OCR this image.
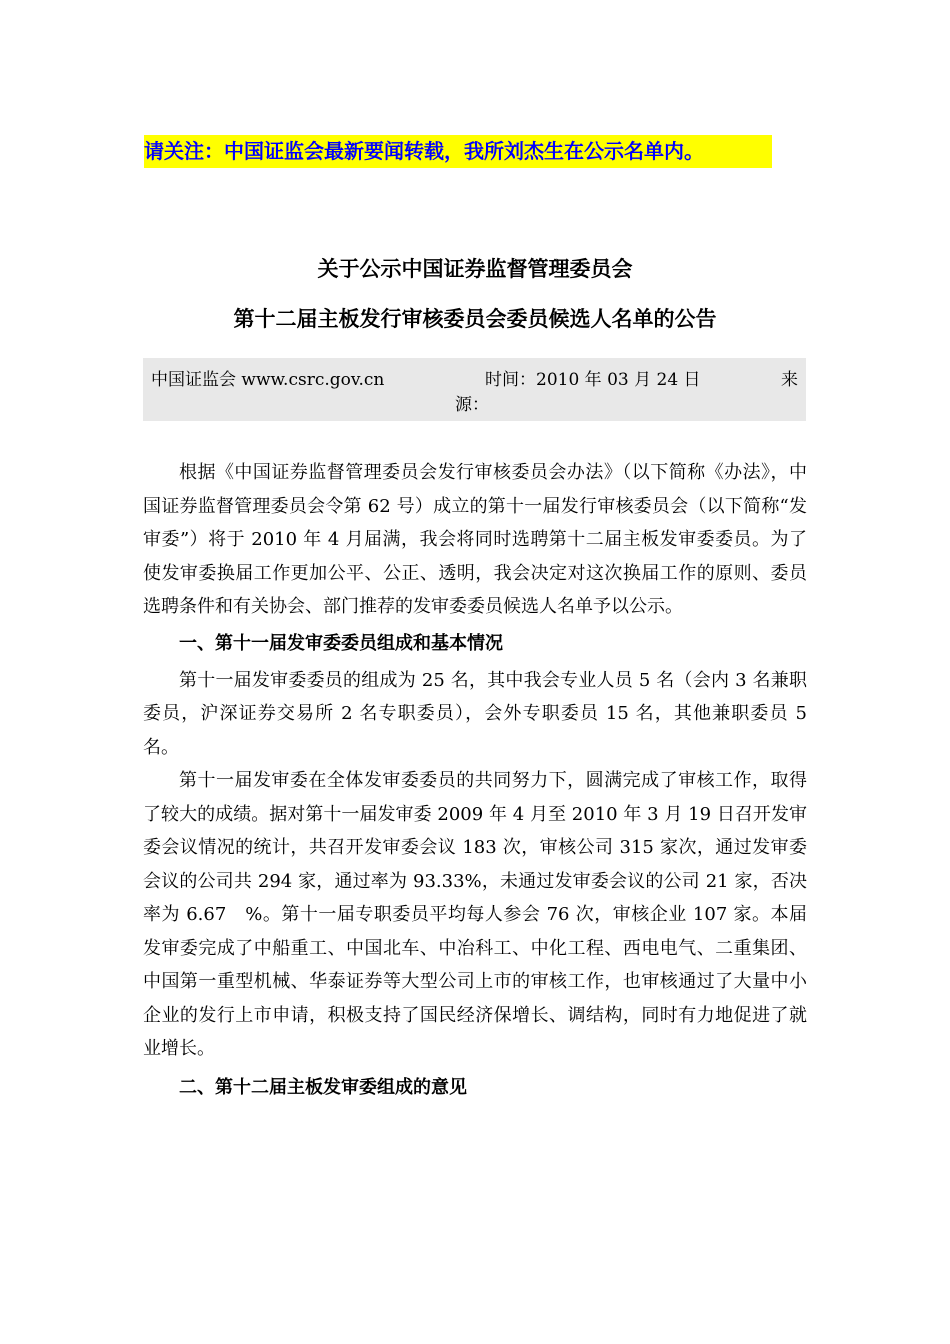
请关注：中国证监会最新要闻转载，我所刘杰生在公示名单内。
关于公示中国证券监督管理委员会
第十二届主板发行审核委员会委员候选人名单的公告
中国证监会 www.csrc.gov.cn	时间：2010 年 03 月 24 日	来
源：

根据《中国证券监督管理委员会发行审核委员会办法》（以下简称《办法》，中国证券监督管理委员会令第 62 号）成立的第十一届发行审核委员会（以下简称“发审委”）将于 2010 年 4 月届满，我会将同时选聘第十二届主板发审委委员。为了使发审委换届工作更加公平、公正、透明，我会决定对这次换届工作的原则、委员选聘条件和有关协会、部门推荐的发审委委员候选人名单予以公示。

一、第十一届发审委委员组成和基本情况

第十一届发审委委员的组成为 25 名，其中我会专业人员 5 名（会内 3 名兼职委员，沪深证券交易所 2 名专职委员），会外专职委员 15 名，其他兼职委员 5 名。

第十一届发审委在全体发审委委员的共同努力下，圆满完成了审核工作，取得了较大的成绩。据对第十一届发审委 2009 年 4 月至 2010 年 3 月 19 日召开发审委会议情况的统计，共召开发审委会议 183 次，审核公司 315 家次，通过发审委会议的公司共 294 家，通过率为 93.33%，未通过发审委会议的公司 21 家，否决率为 6.67　%。第十一届专职委员平均每人参会 76 次，审核企业 107 家。本届发审委完成了中船重工、中国北车、中冶科工、中化工程、西电电气、二重集团、中国第一重型机械、华泰证券等大型公司上市的审核工作，也审核通过了大量中小企业的发行上市申请，积极支持了国民经济保增长、调结构，同时有力地促进了就业增长。

二、第十二届主板发审委组成的意见
